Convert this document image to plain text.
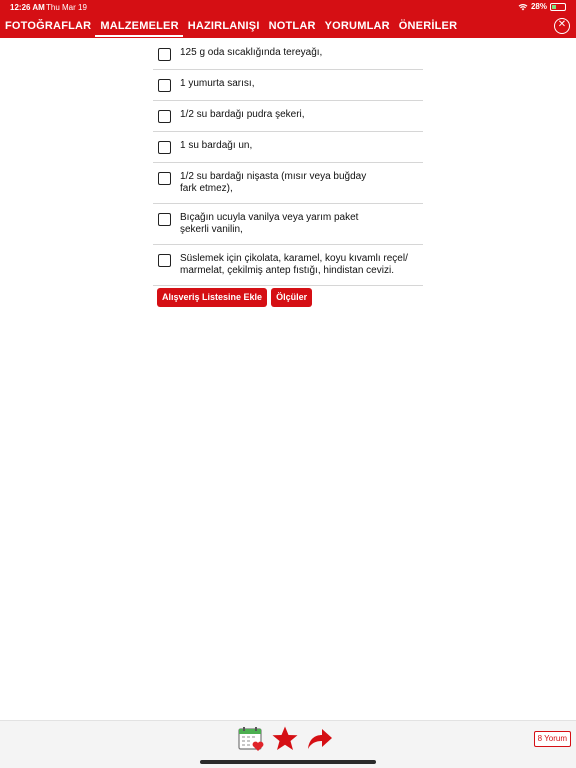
12:26 AM Thu Mar 19	28%
FOTOĞRAFLAR MALZEMELER HAZIRLANIŞI NOTLAR YORUMLAR ÖNERİLER	✕
125 g oda sıcaklığında tereyağı,
1 yumurta sarısı,
1/2 su bardağı pudra şekeri,
1 su bardağı un,
1/2 su bardağı nişasta (mısır veya buğday
fark etmez),
Bıçağın ucuyla vanilya veya yarım paket
şekerli vanilin,
Süslemek için çikolata, karamel, koyu kıvamlı reçel/
marmelat, çekilmiş antep fıstığı, hindistan cevizi.
Alışveriş Listesine Ekle	Ölçüler
8 Yorum
